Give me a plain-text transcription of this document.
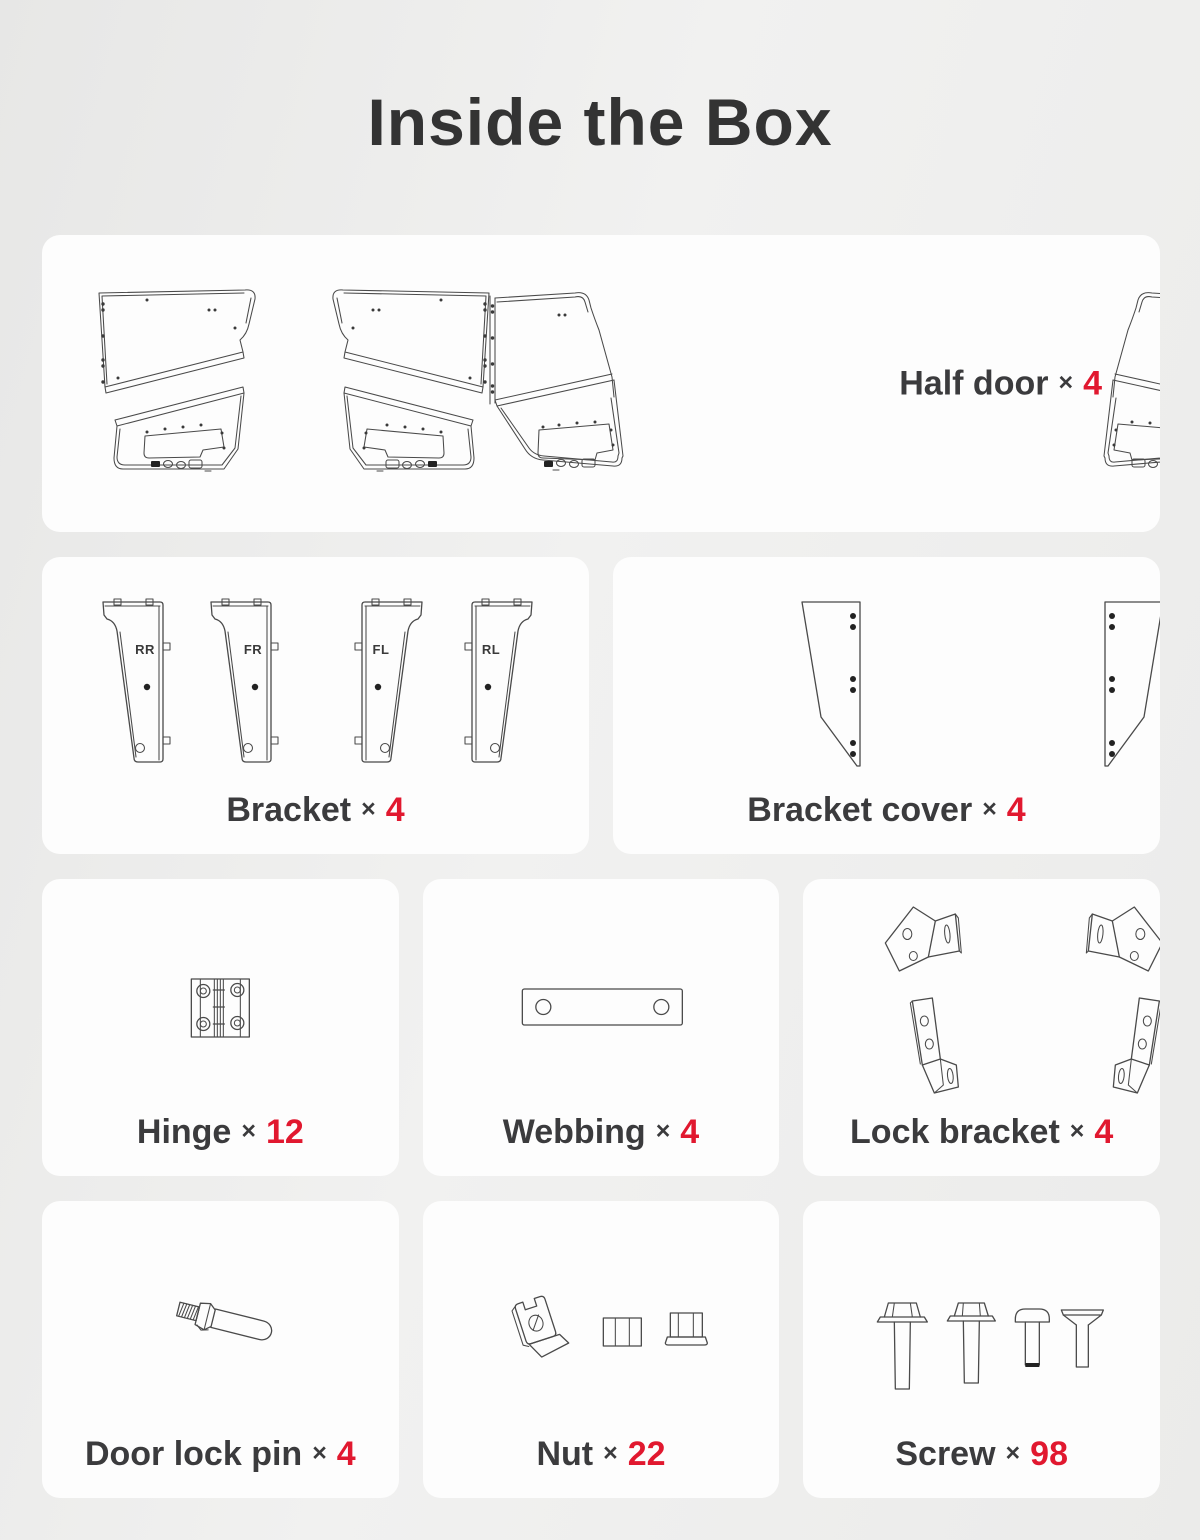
Inside the Box
Half door × 4
RR	FR	FL	RL
Bracket × 4	Bracket cover × 4
Hinge × 12	Webbing × 4	Lock bracket × 4
Door lock pin × 4	Nut × 22	Screw × 98
